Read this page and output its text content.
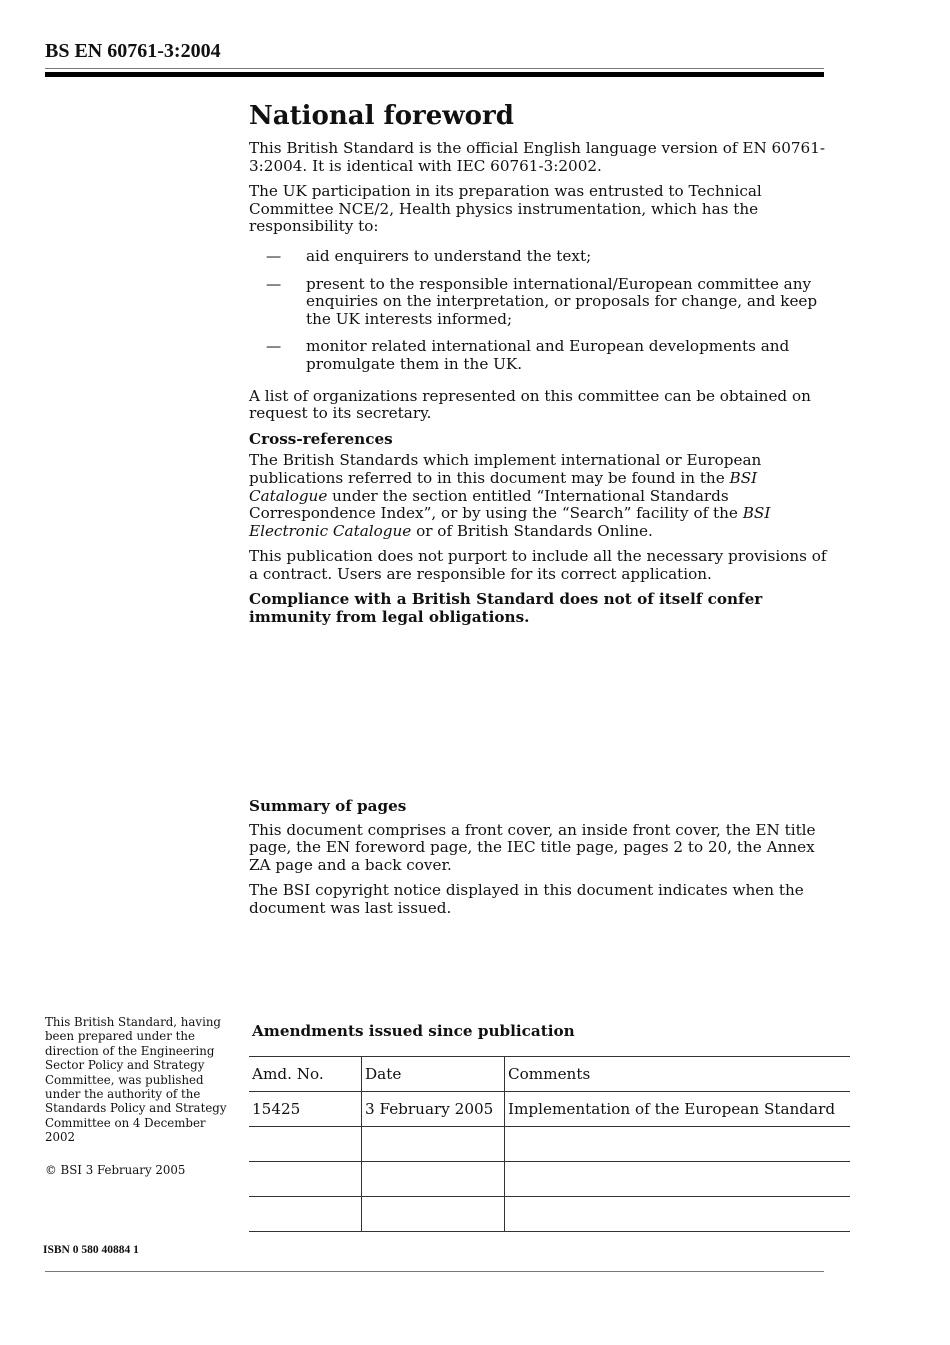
BS EN 60761-3:2004
National foreword

This British Standard is the official English language version of EN 60761-3:2004. It is identical with IEC 60761-3:2002.

The UK participation in its preparation was entrusted to Technical Committee NCE/2, Health physics instrumentation, which has the responsibility to:

—	aid enquirers to understand the text;
—	present to the responsible international/European committee any enquiries on the interpretation, or proposals for change, and keep the UK interests informed;
—	monitor related international and European developments and promulgate them in the UK.

A list of organizations represented on this committee can be obtained on request to its secretary.

Cross-references

The British Standards which implement international or European publications referred to in this document may be found in the BSI Catalogue under the section entitled “International Standards Correspondence Index”, or by using the “Search” facility of the BSI Electronic Catalogue or of British Standards Online.

This publication does not purport to include all the necessary provisions of a contract. Users are responsible for its correct application.

Compliance with a British Standard does not of itself confer immunity from legal obligations.

Summary of pages

This document comprises a front cover, an inside front cover, the EN title page, the EN foreword page, the IEC title page, pages 2 to 20, the Annex ZA page and a back cover.

The BSI copyright notice displayed in this document indicates when the document was last issued.

This British Standard, having been prepared under the direction of the Engineering Sector Policy and Strategy Committee, was published under the authority of the Standards Policy and Strategy Committee on 4 December 2002

© BSI 3 February 2005

ISBN 0 580 40884 1
Amendments issued since publication
Amd. No.	Date	Comments
15425	3 February 2005	Implementation of the European Standard
